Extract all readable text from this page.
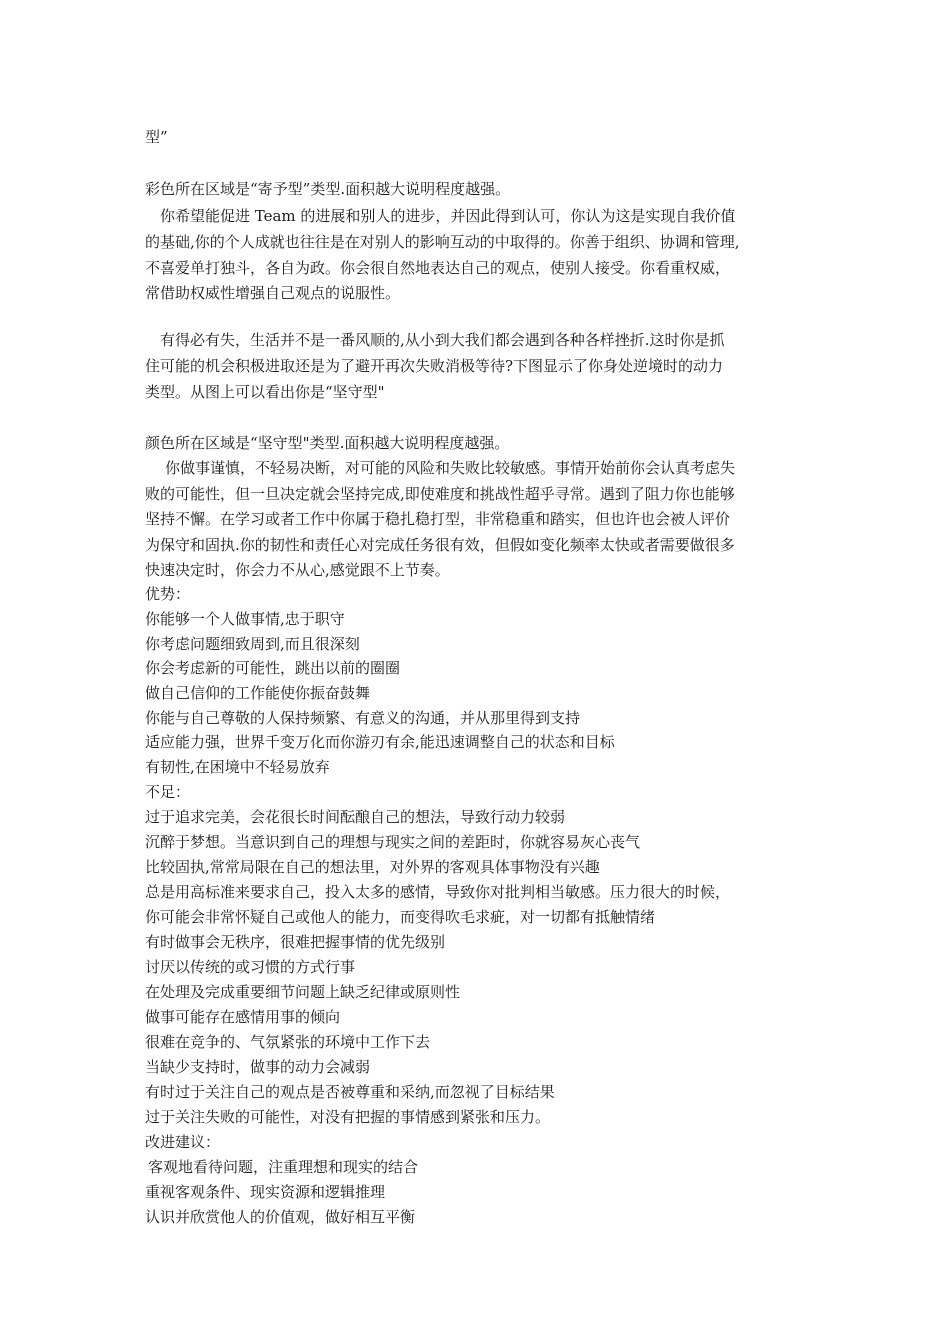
型”
彩色所在区域是“寄予型”类型.面积越大说明程度越强。
你希望能促进 Team 的进展和别人的进步，并因此得到认可，你认为这是实现自我价值
的基础,你的个人成就也往往是在对别人的影响互动的中取得的。你善于组织、协调和管理,
不喜爱单打独斗，各自为政。你会很自然地表达自己的观点，使别人接受。你看重权威，
常借助权威性增强自己观点的说服性。
有得必有失，生活并不是一番风顺的,从小到大我们都会遇到各种各样挫折.这时你是抓
住可能的机会积极进取还是为了避开再次失败消极等待?下图显示了你身处逆境时的动力
类型。从图上可以看出你是“坚守型"
颜色所在区域是“坚守型"类型.面积越大说明程度越强。
你做事谨慎，不轻易决断，对可能的风险和失败比较敏感。事情开始前你会认真考虑失
败的可能性，但一旦决定就会坚持完成,即使难度和挑战性超乎寻常。遇到了阻力你也能够
坚持不懈。在学习或者工作中你属于稳扎稳打型，非常稳重和踏实，但也许也会被人评价
为保守和固执.你的韧性和责任心对完成任务很有效，但假如变化频率太快或者需要做很多
快速决定时，你会力不从心,感觉跟不上节奏。
优势：
你能够一个人做事情,忠于职守
你考虑问题细致周到,而且很深刻
你会考虑新的可能性，跳出以前的圈圈
做自己信仰的工作能使你振奋鼓舞
你能与自己尊敬的人保持频繁、有意义的沟通，并从那里得到支持
适应能力强，世界千变万化而你游刃有余,能迅速调整自己的状态和目标
有韧性,在困境中不轻易放弃
不足：
过于追求完美，会花很长时间酝酿自己的想法，导致行动力较弱
沉醉于梦想。当意识到自己的理想与现实之间的差距时，你就容易灰心丧气
比较固执,常常局限在自己的想法里，对外界的客观具体事物没有兴趣
总是用高标准来要求自己，投入太多的感情，导致你对批判相当敏感。压力很大的时候，
你可能会非常怀疑自己或他人的能力，而变得吹毛求疵，对一切都有抵触情绪
有时做事会无秩序，很难把握事情的优先级别
讨厌以传统的或习惯的方式行事
在处理及完成重要细节问题上缺乏纪律或原则性
做事可能存在感情用事的倾向
很难在竞争的、气氛紧张的环境中工作下去
当缺少支持时，做事的动力会减弱
有时过于关注自己的观点是否被尊重和采纳,而忽视了目标结果
过于关注失败的可能性，对没有把握的事情感到紧张和压力。
改进建议：
客观地看待问题，注重理想和现实的结合
重视客观条件、现实资源和逻辑推理
认识并欣赏他人的价值观，做好相互平衡
